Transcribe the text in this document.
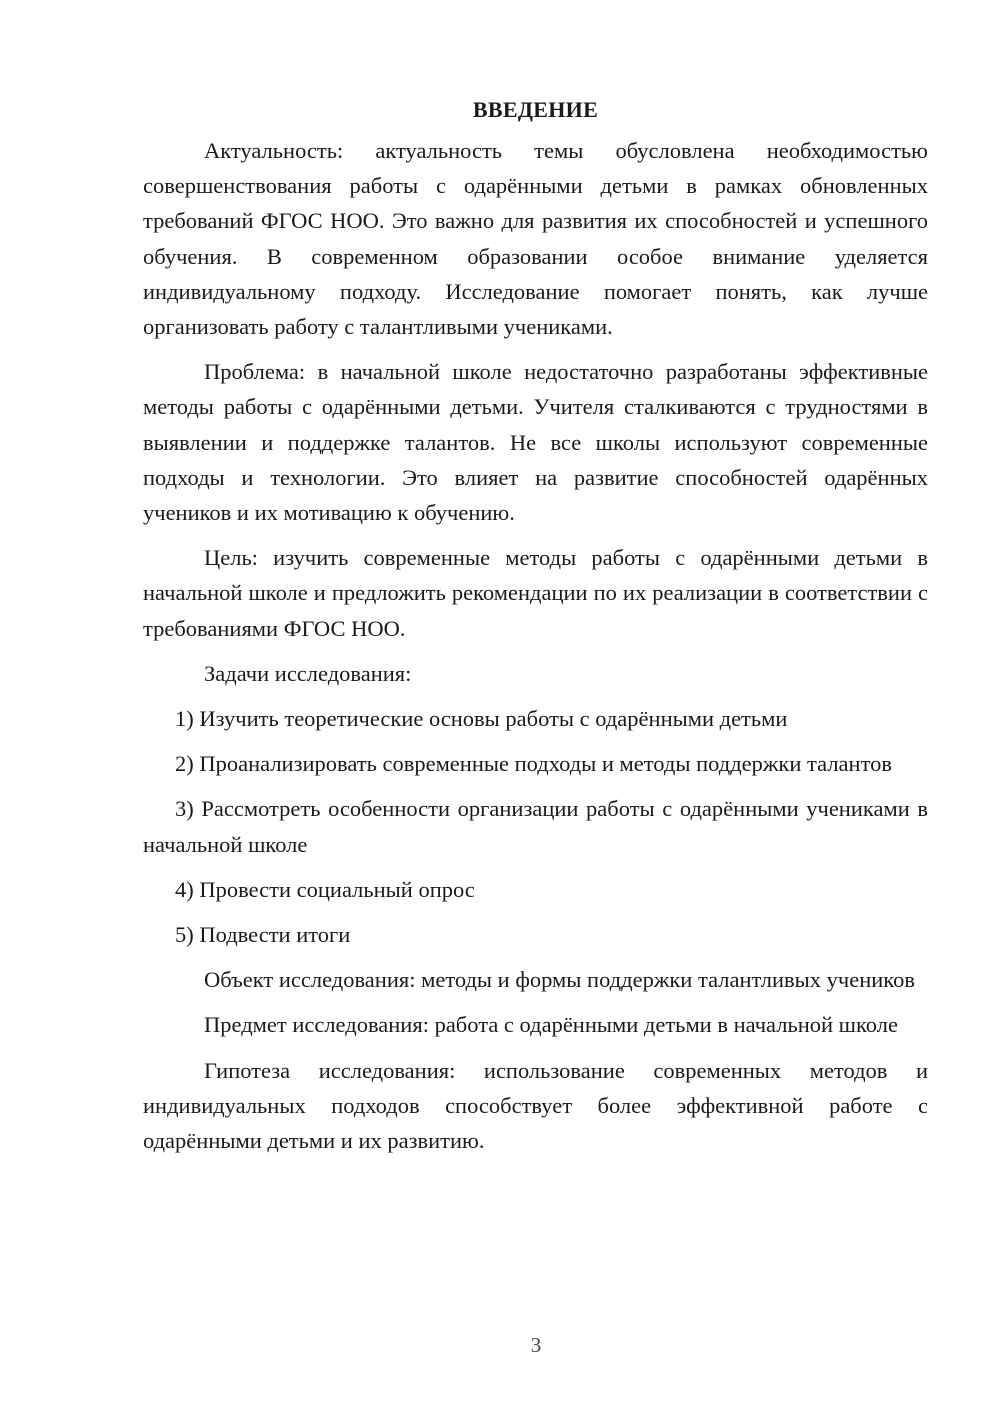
ВВЕДЕНИЕ

Актуальность: актуальность темы обусловлена необходимостью совершенствования работы с одарёнными детьми в рамках обновленных требований ФГОС НОО. Это важно для развития их способностей и успешного обучения. В современном образовании особое внимание уделяется индивидуальному подходу. Исследование помогает понять, как лучше организовать работу с талантливыми учениками.

Проблема: в начальной школе недостаточно разработаны эффективные методы работы с одарёнными детьми. Учителя сталкиваются с трудностями в выявлении и поддержке талантов. Не все школы используют современные подходы и технологии. Это влияет на развитие способностей одарённых учеников и их мотивацию к обучению.

Цель: изучить современные методы работы с одарёнными детьми в начальной школе и предложить рекомендации по их реализации в соответствии с требованиями ФГОС НОО.

Задачи исследования:

1) Изучить теоретические основы работы с одарёнными детьми

2) Проанализировать современные подходы и методы поддержки талантов

3) Рассмотреть особенности организации работы с одарёнными учениками в начальной школе

4) Провести социальный опрос

5) Подвести итоги

Объект исследования: методы и формы поддержки талантливых учеников

Предмет исследования: работа с одарёнными детьми в начальной школе

Гипотеза исследования: использование современных методов и индивидуальных подходов способствует более эффективной работе с одарёнными детьми и их развитию.

3
